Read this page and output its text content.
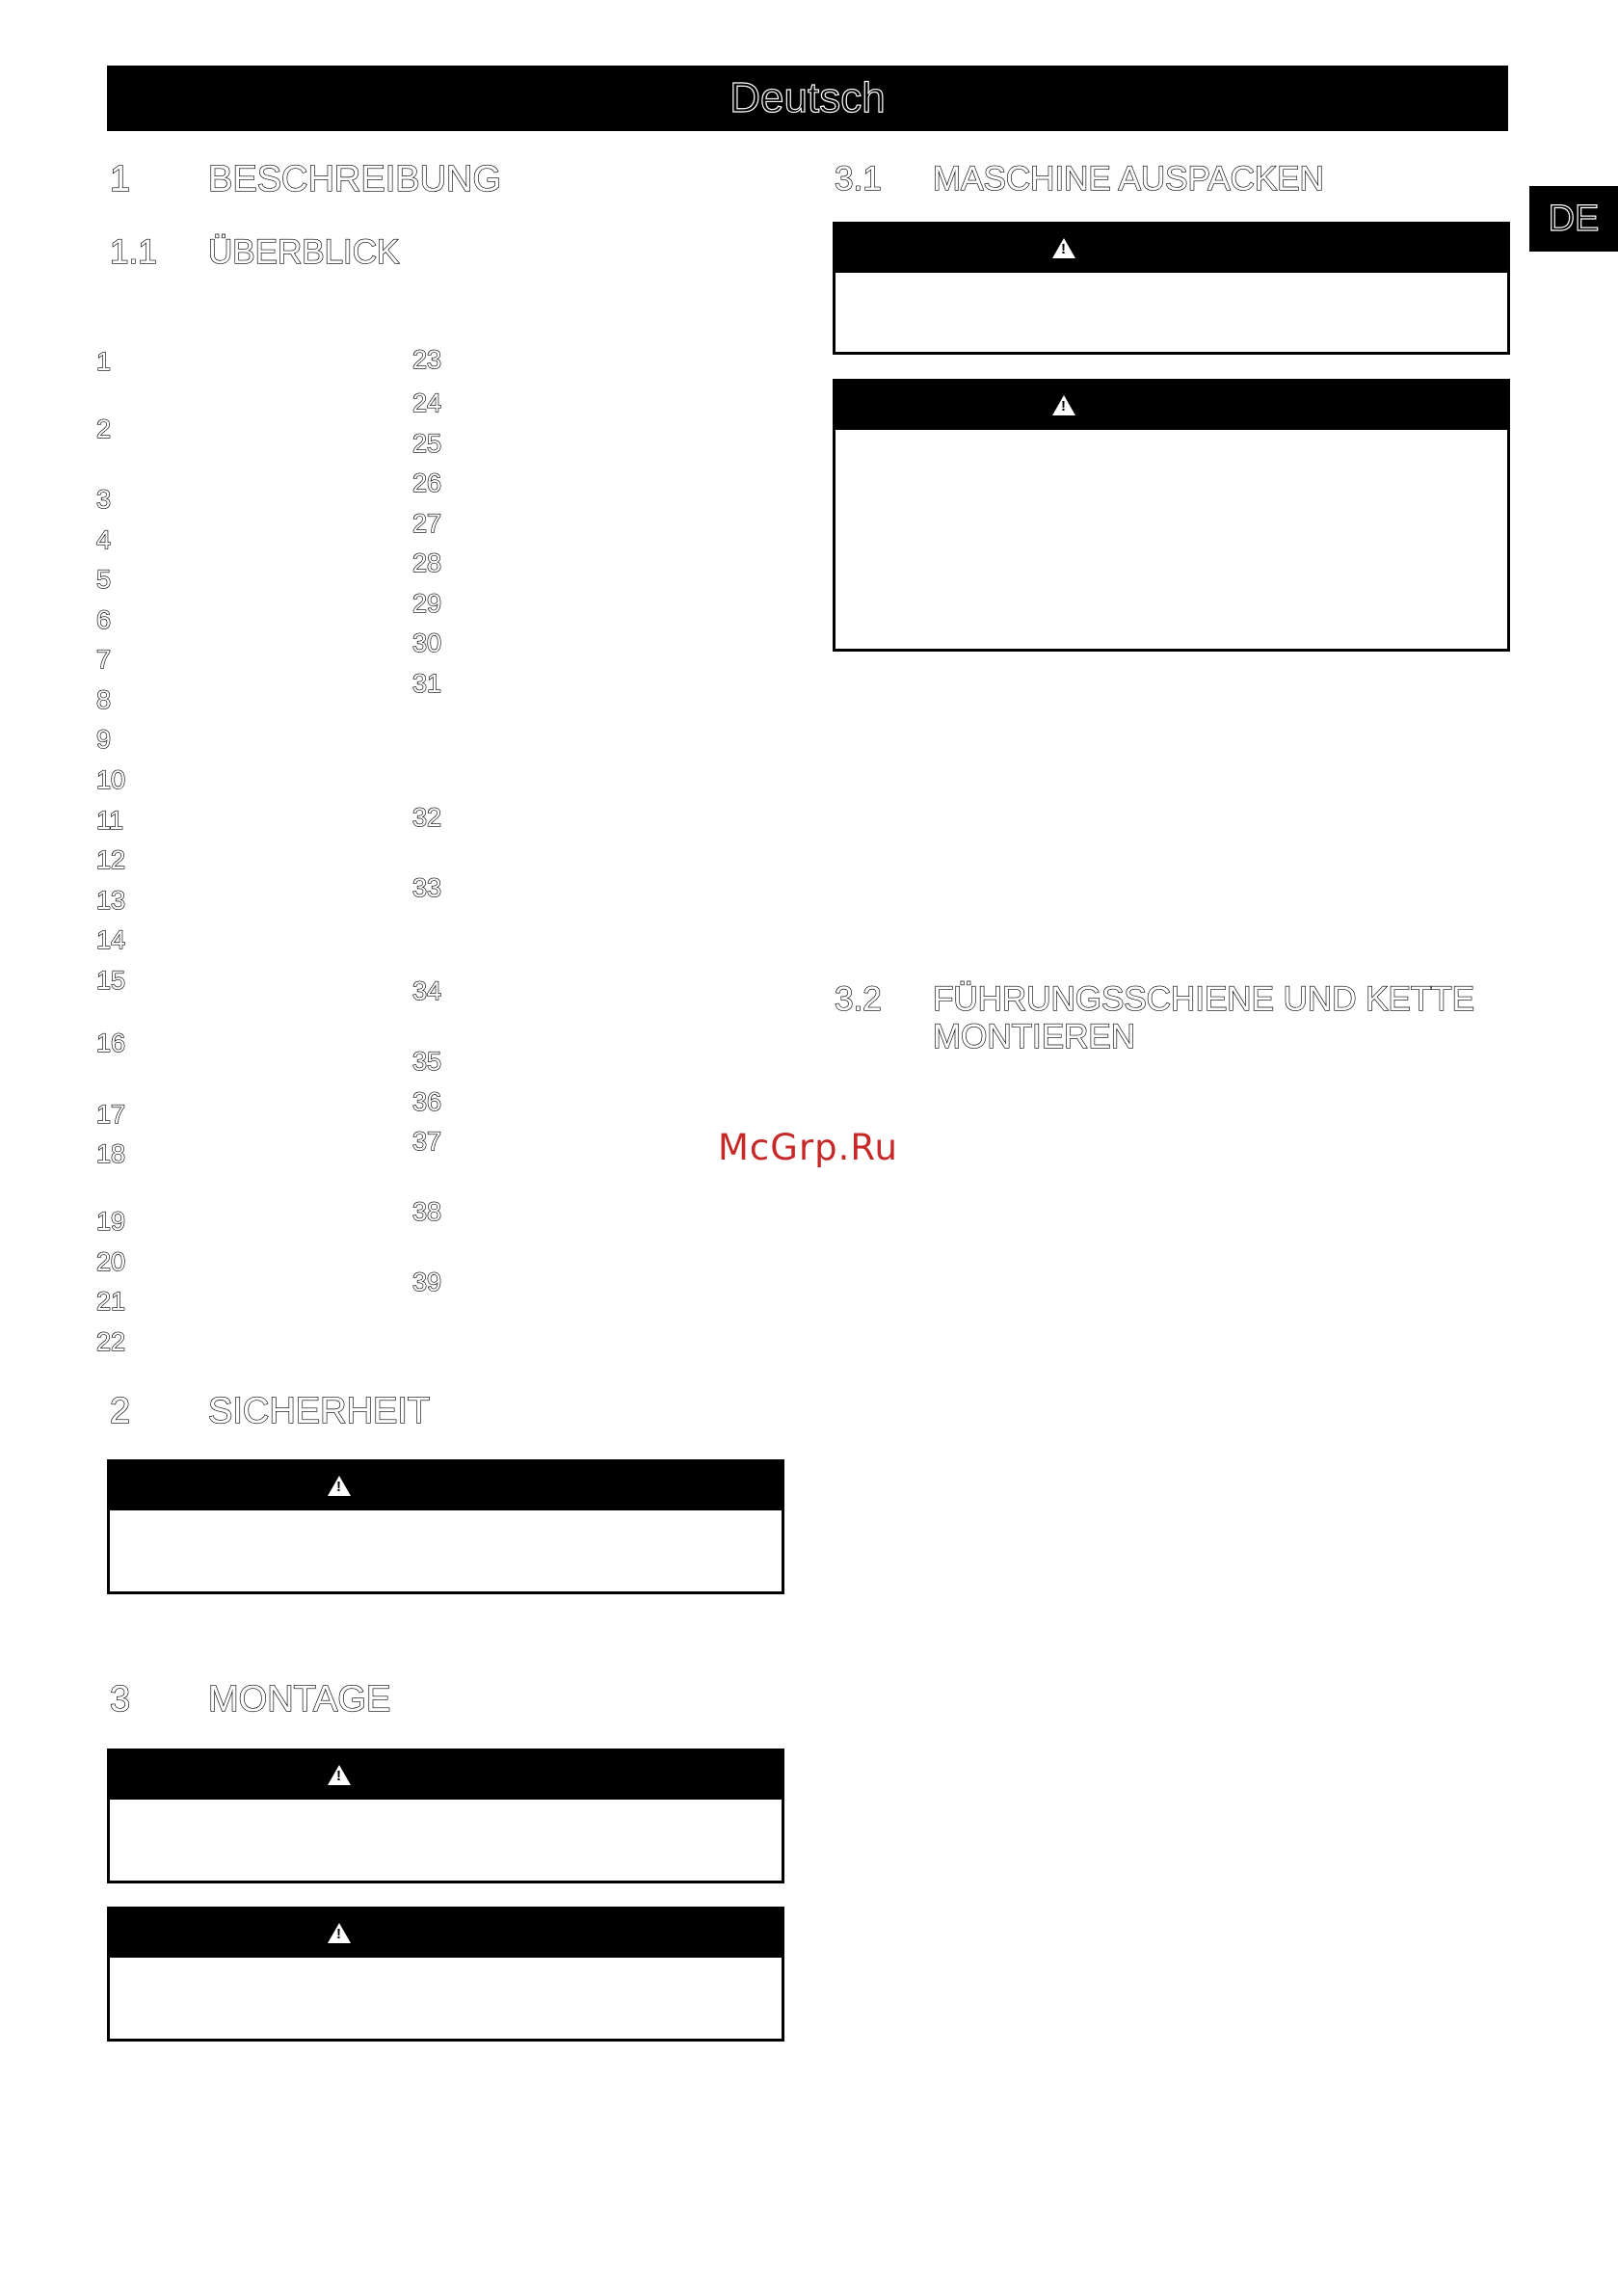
Deutsch
DE
1 BESCHREIBUNG
1.1 ÜBERBLICK
1
2
3
4
5
6
7
8
9
10
11
12
13
14
15
16
17
18
19
20
21
22
23
24
25
26
27
28
29
30
31
32
33
34
35
36
37
38
39
2 SICHERHEIT
!
3 MONTAGE
!
!
3.1 MASCHINE AUSPACKEN
!
!
3.2 FÜHRUNGSSCHIENE UND KETTE
MONTIEREN
McGrp.Ru
